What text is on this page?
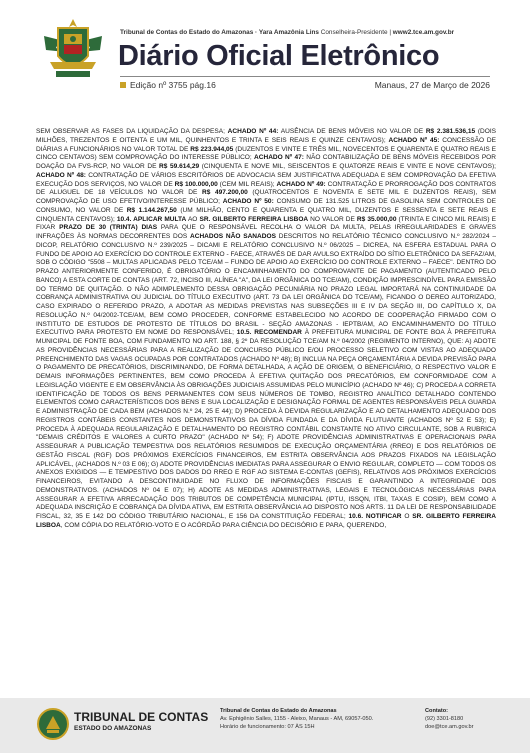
Tribunal de Contas do Estado do Amazonas · Yara Amazônia Lins Conselheira-Presidente | www2.tce.am.gov.br
Diário Oficial Eletrônico
Edição nº 3755 pág.16	Manaus, 27 de Março de 2026
SEM OBSERVAR AS FASES DA LIQUIDAÇÃO DA DESPESA; ACHADO Nº 44: AUSÊNCIA DE BENS MÓVEIS NO VALOR DE R$ 2.381.536,15 (DOIS MILHÕES, TREZENTOS E OITENTA E UM MIL, QUINHENTOS E TRINTA E SEIS REAIS E QUINZE CENTAVOS); ACHADO Nº 45: CONCESSÃO DE DIÁRIAS A FUNCIONÁRIOS NO VALOR TOTAL DE R$ 223.944,05 (DUZENTOS E VINTE E TRÊS MIL, NOVECENTOS E QUARENTA E QUATRO REAIS E CINCO CENTAVOS) SEM COMPROVAÇÃO DO INTERESSE PÚBLICO; ACHADO Nº 47: NÃO CONTABILIZAÇÃO DE BENS MÓVEIS RECEBIDOS POR DOAÇÃO DA FVS-RCP, NO VALOR DE R$ 59.614,29 (CINQUENTA E NOVE MIL, SEISCENTOS E QUATORZE REAIS E VINTE E NOVE CENTAVOS); ACHADO Nº 48: CONTRATAÇÃO DE VÁRIOS ESCRITÓRIOS DE ADVOCACIA SEM JUSTIFICATIVA ADEQUADA E SEM COMPROVAÇÃO DA EFETIVA EXECUÇÃO DOS SERVIÇOS, NO VALOR DE R$ 100.000,00 (CEM MIL REAIS); ACHADO Nº 49: CONTRATAÇÃO E PRORROGAÇÃO DOS CONTRATOS DE ALUGUEL DE 18 VEÍCULOS NO VALOR DE R$ 497.200,00 (QUATROCENTOS E NOVENTA E SETE MIL E DUZENTOS REAIS), SEM COMPROVAÇÃO DE USO EFETIVO/INTERESSE PÚBLICO; ACHADO Nº 50: CONSUMO DE 131.525 LITROS DE GASOLINA SEM CONTROLES DE CONSUMO, NO VALOR DE R$ 1.144.267,50 (UM MILHÃO, CENTO E QUARENTA E QUATRO MIL, DUZENTOS E SESSENTA E SETE REAIS E CINQUENTA CENTAVOS); 10.4. APLICAR MULTA AO SR. GILBERTO FERREIRA LISBOA NO VALOR DE R$ 35.000,00 (TRINTA E CINCO MIL REAIS) E FIXAR PRAZO DE 30 (TRINTA) DIAS PARA QUE O RESPONSÁVEL RECOLHA O VALOR DA MULTA, PELAS IRREGULARIDADES E GRAVES INFRAÇÕES ÀS NORMAS DECORRENTES DOS ACHADOS NÃO SANADOS DESCRITOS NO RELATÓRIO TÉCNICO CONCLUSIVO N.º 282/2024 – DICOP, RELATÓRIO CONCLUSIVO N.º 239/2025 – DICAMI E RELATÓRIO CONCLUSIVO N.º 06/2025 – DICREA, NA ESFERA ESTADUAL PARA O FUNDO DE APOIO AO EXERCÍCIO DO CONTROLE EXTERNO - FAECE, ATRAVÉS DE DAR AVULSO EXTRAÍDO DO SÍTIO ELETRÔNICO DA SEFAZ/AM, SOB O CÓDIGO "5508 – MULTAS APLICADAS PELO TCE/AM – FUNDO DE APOIO AO EXERCÍCIO DO CONTROLE EXTERNO – FAECE". DENTRO DO PRAZO ANTERIORMENTE CONFERIDO, É OBRIGATÓRIO O ENCAMINHAMENTO DO COMPROVANTE DE PAGAMENTO (AUTENTICADO PELO BANCO) A ESTA CORTE DE CONTAS (ART. 72, INCISO III, ALÍNEA "A", DA LEI ORGÂNICA DO TCE/AM), CONDIÇÃO IMPRESCINDÍVEL PARA EMISSÃO DO TERMO DE QUITAÇÃO. O NÃO ADIMPLEMENTO DESSA OBRIGAÇÃO PECUNIÁRIA NO PRAZO LEGAL IMPORTARÁ NA CONTINUIDADE DA COBRANÇA ADMINISTRATIVA OU JUDICIAL DO TÍTULO EXECUTIVO (ART. 73 DA LEI ORGÂNICA DO TCE/AM), FICANDO O DEREO AUTORIZADO, CASO EXPIRADO O REFERIDO PRAZO, A ADOTAR AS MEDIDAS PREVISTAS NAS SUBSEÇÕES III E IV DA SEÇÃO III, DO CAPÍTULO X, DA RESOLUÇÃO N.º 04/2002-TCE/AM, BEM COMO PROCEDER, CONFORME ESTABELECIDO NO ACORDO DE COOPERAÇÃO FIRMADO COM O INSTITUTO DE ESTUDOS DE PROTESTO DE TÍTULOS DO BRASIL - SEÇÃO AMAZONAS - IEPTB/AM, AO ENCAMINHAMENTO DO TÍTULO EXECUTIVO PARA PROTESTO EM NOME DO RESPONSÁVEL; 10.5. RECOMENDAR À PREFEITURA MUNICIPAL DE FONTE BOA À PREFEITURA MUNICIPAL DE FONTE BOA, COM FUNDAMENTO NO ART. 188, § 2º DA RESOLUÇÃO TCE/AM N.º 04/2002 (REGIMENTO INTERNO), QUE: A) ADOTE AS PROVIDÊNCIAS NECESSÁRIAS PARA A REALIZAÇÃO DE CONCURSO PÚBLICO E/OU PROCESSO SELETIVO COM VISTAS AO ADEQUADO PREENCHIMENTO DAS VAGAS OCUPADAS POR CONTRATADOS (ACHADO Nº 48); B) INCLUA NA PEÇA ORÇAMENTÁRIA A DEVIDA PREVISÃO PARA O PAGAMENTO DE PRECATÓRIOS, DISCRIMINANDO, DE FORMA DETALHADA, A AÇÃO DE ORIGEM, O BENEFICIÁRIO, O RESPECTIVO VALOR E DEMAIS INFORMAÇÕES PERTINENTES, BEM COMO PROCEDA À EFETIVA QUITAÇÃO DOS PRECATÓRIOS, EM CONFORMIDADE COM A LEGISLAÇÃO VIGENTE E EM OBSERVÂNCIA ÀS OBRIGAÇÕES JUDICIAIS ASSUMIDAS PELO MUNICÍPIO (ACHADO Nº 46); C) PROCEDA A CORRETA IDENTIFICAÇÃO DE TODOS OS BENS PERMANENTES COM SEUS NÚMEROS DE TOMBO, REGISTRO ANALÍTICO DETALHADO CONTENDO ELEMENTOS COMO CARACTERÍSTICOS DOS BENS E SUA LOCALIZAÇÃO E DESIGNAÇÃO FORMAL DE AGENTES RESPONSÁVEIS PELA GUARDA E ADMINISTRAÇÃO DE CADA BEM (ACHADOS N.º 24, 25 E 44); D) PROCEDA À DEVIDA REGULARIZAÇÃO E AO DETALHAMENTO ADEQUADO DOS REGISTROS CONTÁBEIS CONSTANTES NOS DEMONSTRATIVOS DA DÍVIDA FUNDADA E DA DÍVIDA FLUTUANTE (ACHADOS Nº 52 E 53); E) PROCEDA À ADEQUADA REGULARIZAÇÃO E DETALHAMENTO DO REGISTRO CONTÁBIL CONSTANTE NO ATIVO CIRCULANTE, SOB A RUBRICA "DEMAIS CRÉDITOS E VALORES A CURTO PRAZO" (ACHADO Nº 54); F) ADOTE PROVIDÊNCIAS ADMINISTRATIVAS E OPERACIONAIS PARA ASSEGURAR A PUBLICAÇÃO TEMPESTIVA DOS RELATÓRIOS RESUMIDOS DE EXECUÇÃO ORÇAMENTÁRIA (RREO) E DOS RELATÓRIOS DE GESTÃO FISCAL (RGF) DOS PRÓXIMOS EXERCÍCIOS FINANCEIROS, EM ESTRITA OBSERVÂNCIA AOS PRAZOS FIXADOS NA LEGISLAÇÃO APLICÁVEL, (ACHADOS N.º 03 E 06); G) ADOTE PROVIDÊNCIAS IMEDIATAS PARA ASSEGURAR O ENVIO REGULAR, COMPLETO — COM TODOS OS ANEXOS EXIGIDOS — E TEMPESTIVO DOS DADOS DO RREO E RGF AO SISTEMA E-CONTAS (GEFIS), RELATIVOS AOS PRÓXIMOS EXERCÍCIOS FINANCEIROS, EVITANDO A DESCONTINUIDADE NO FLUXO DE INFORMAÇÕES FISCAIS E GARANTINDO A INTEGRIDADE DOS DEMONSTRATIVOS. (ACHADOS Nº 04 E 07); H) ADOTE AS MEDIDAS ADMINISTRATIVAS, LEGAIS E TECNOLÓGICAS NECESSÁRIAS PARA ASSEGURAR A EFETIVA ARRECADAÇÃO DOS TRIBUTOS DE COMPETÊNCIA MUNICIPAL (IPTU, ISSQN, ITBI, TAXAS E COSIP), BEM COMO A ADEQUADA INSCRIÇÃO E COBRANÇA DA DÍVIDA ATIVA, EM ESTRITA OBSERVÂNCIA AO DISPOSTO NOS ARTS. 11 DA LEI DE RESPONSABILIDADE FISCAL, 32, 35 E 142 DO CÓDIGO TRIBUTÁRIO NACIONAL, E 156 DA CONSTITUIÇÃO FEDERAL; 10.6. NOTIFICAR O SR. GILBERTO FERREIRA LISBOA, COM CÓPIA DO RELATÓRIO-VOTO E O ACÓRDÃO PARA CIÊNCIA DO DECISÓRIO E PARA, QUERENDO,
TRIBUNAL DE CONTAS
ESTADO DO AMAZONAS
Tribunal de Contas do Estado do Amazonas
Av. Ephigênio Salles, 1155 - Aleixo, Manaus - AM, 69057-050.
Horário de funcionamento: 07 ÀS 15H
Contato:
(92) 3301-8180
doe@tce.am.gov.br
